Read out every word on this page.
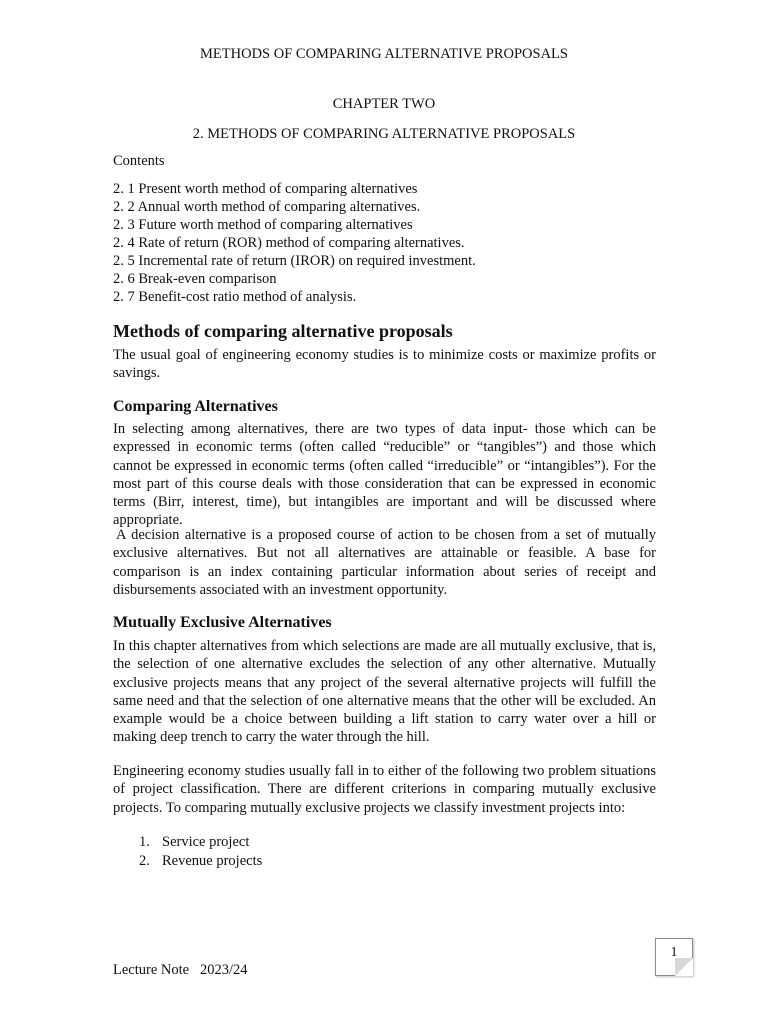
METHODS OF COMPARING ALTERNATIVE PROPOSALS
CHAPTER TWO
2. METHODS OF COMPARING ALTERNATIVE PROPOSALS
Contents
2. 1 Present worth method of comparing alternatives
2. 2 Annual worth method of comparing alternatives.
2. 3 Future worth method of comparing alternatives
2. 4 Rate of return (ROR) method of comparing alternatives.
2. 5 Incremental rate of return (IROR) on required investment.
2. 6 Break-even comparison
2. 7 Benefit-cost ratio method of analysis.
Methods of comparing alternative proposals

The usual goal of engineering economy studies is to minimize costs or maximize profits or savings.

Comparing Alternatives

In selecting among alternatives, there are two types of data input- those which can be expressed in economic terms (often called “reducible” or “tangibles”) and those which cannot be expressed in economic terms (often called “irreducible” or “intangibles”). For the most part of this course deals with those consideration that can be expressed in economic terms (Birr, interest, time), but intangibles are important and will be discussed where appropriate.

A decision alternative is a proposed course of action to be chosen from a set of mutually exclusive alternatives. But not all alternatives are attainable or feasible. A base for comparison is an index containing particular information about series of receipt and disbursements associated with an investment opportunity.

Mutually Exclusive Alternatives

In this chapter alternatives from which selections are made are all mutually exclusive, that is, the selection of one alternative excludes the selection of any other alternative. Mutually exclusive projects means that any project of the several alternative projects will fulfill the same need and that the selection of one alternative means that the other will be excluded. An example would be a choice between building a lift station to carry water over a hill or making deep trench to carry the water through the hill.

Engineering economy studies usually fall in to either of the following two problem situations of project classification. There are different criterions in comparing mutually exclusive projects. To comparing mutually exclusive projects we classify investment projects into:

1. Service project
2. Revenue projects
Lecture Note   2023/24
1
